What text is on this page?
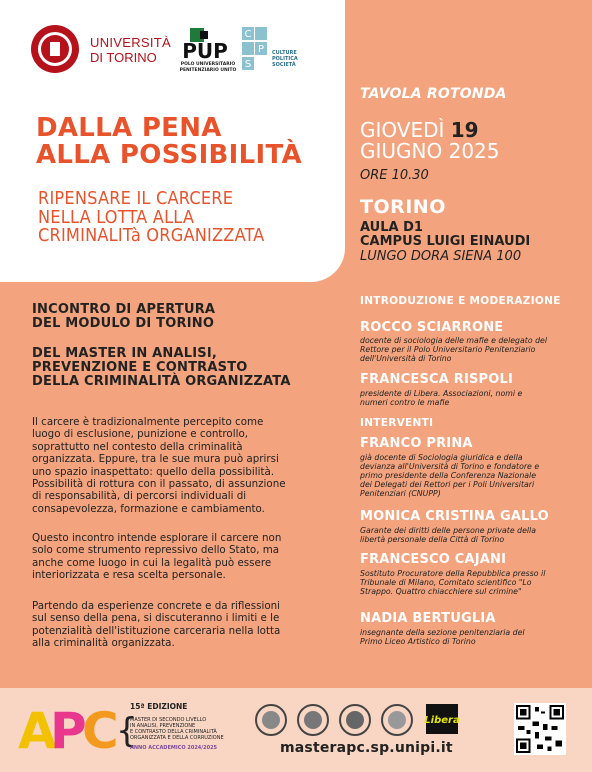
UNIVERSITÀ
DI TORINO	PUP
POLO UNIVERSITARIO PENITENZIARIO UNITO
C
P
S
CULTURE
POLITICA
SOCIETÀ
DALLA PENA
ALLA POSSIBILITÀ
RIPENSARE IL CARCERE
NELLA LOTTA ALLA
CRIMINALITà ORGANIZZATA
TAVOLA ROTONDA
GIOVEDÌ 19
GIUGNO 2025
ORE 10.30
TORINO
AULA D1
CAMPUS LUIGI EINAUDI
LUNGO DORA SIENA 100
INTRODUZIONE E MODERAZIONE
ROCCO SCIARRONE
docente di sociologia delle mafie e delegato del
Rettore per il Polo Universitario Penitenziario
dell'Università di Torino
FRANCESCA RISPOLI
presidente di Libera. Associazioni, nomi e
numeri contro le mafie
INTERVENTI
FRANCO PRINA
già docente di Sociologia giuridica e della
devianza all'Università di Torino e fondatore e
primo presidente della Conferenza Nazionale
dei Delegati dei Rettori per i Poli Universitari
Penitenziari (CNUPP)
MONICA CRISTINA GALLO
Garante dei diritti delle persone private della
libertà personale della Città di Torino
FRANCESCO CAJANI
Sostituto Procuratore della Repubblica presso il
Tribunale di Milano, Comitato scientifico "Lo
Strappo. Quattro chiacchiere sul crimine"
NADIA BERTUGLIA
insegnante della sezione penitenziaria del
Primo Liceo Artistico di Torino
INCONTRO DI APERTURA
DEL MODULO DI TORINO
DEL MASTER IN ANALISI,
PREVENZIONE E CONTRASTO
DELLA CRIMINALITÀ ORGANIZZATA
Il carcere è tradizionalmente percepito come
luogo di esclusione, punizione e controllo,
soprattutto nel contesto della criminalità
organizzata. Eppure, tra le sue mura può aprirsi
uno spazio inaspettato: quello della possibilità.
Possibilità di rottura con il passato, di assunzione
di responsabilità, di percorsi individuali di
consapevolezza, formazione e cambiamento.
Questo incontro intende esplorare il carcere non
solo come strumento repressivo dello Stato, ma
anche come luogo in cui la legalità può essere
interiorizzata e resa scelta personale.
Partendo da esperienze concrete e da riflessioni
sul senso della pena, si discuteranno i limiti e le
potenzialità dell'istituzione carceraria nella lotta
alla criminalità organizzata.
A
P
C
{
15ª EDIZIONE
MASTER DI SECONDO LIVELLO
IN ANALISI, PREVENZIONE
E CONTRASTO DELLA CRIMINALITÀ
ORGANIZZATA E DELLA CORRUZIONE
ANNO ACCADEMICO 2024/2025
Libera
masterapc.sp.unipi.it
